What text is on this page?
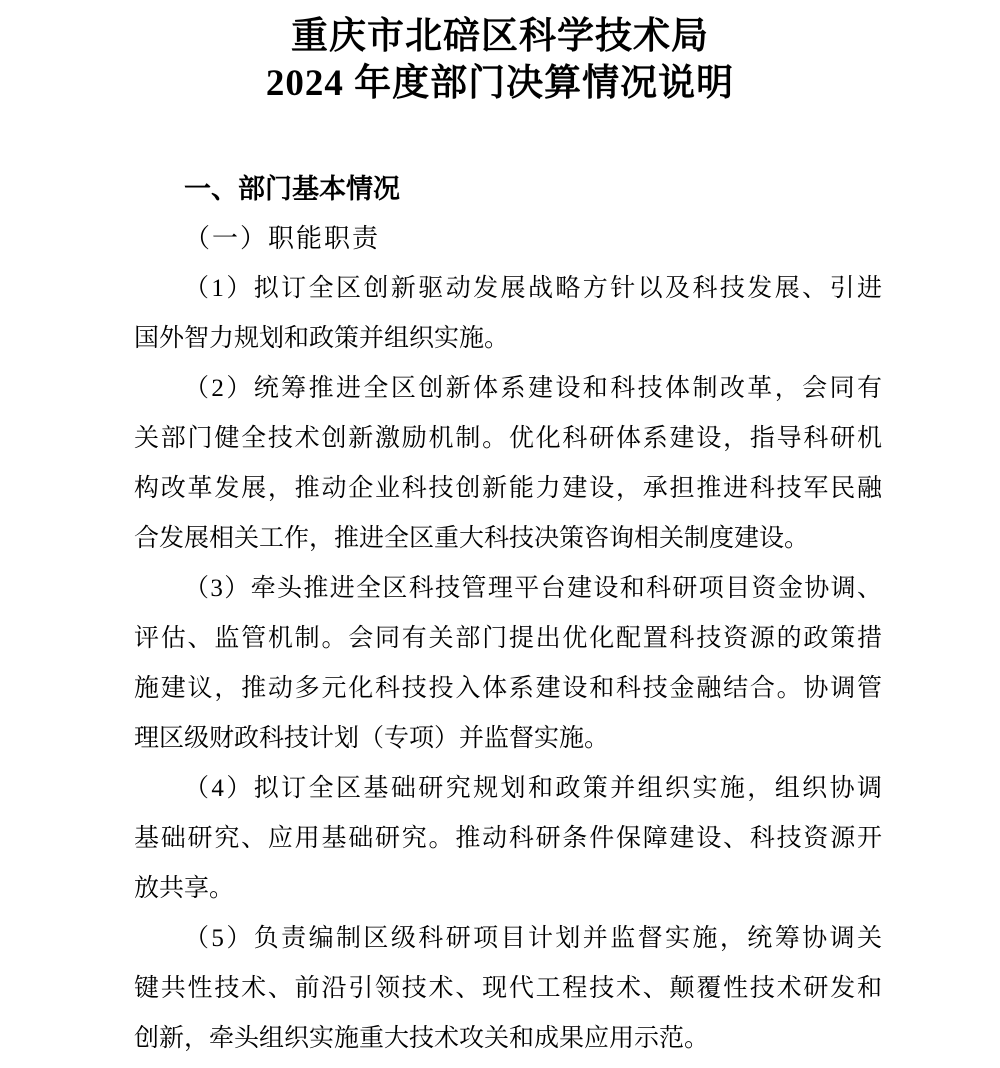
重庆市北碚区科学技术局
2024 年度部门决算情况说明
一、部门基本情况
（一）职能职责
（1）拟订全区创新驱动发展战略方针以及科技发展、引进
国外智力规划和政策并组织实施。
（2）统筹推进全区创新体系建设和科技体制改革，会同有
关部门健全技术创新激励机制。优化科研体系建设，指导科研机
构改革发展，推动企业科技创新能力建设，承担推进科技军民融
合发展相关工作，推进全区重大科技决策咨询相关制度建设。
（3）牵头推进全区科技管理平台建设和科研项目资金协调、
评估、监管机制。会同有关部门提出优化配置科技资源的政策措
施建议，推动多元化科技投入体系建设和科技金融结合。协调管
理区级财政科技计划（专项）并监督实施。
（4）拟订全区基础研究规划和政策并组织实施，组织协调
基础研究、应用基础研究。推动科研条件保障建设、科技资源开
放共享。
（5）负责编制区级科研项目计划并监督实施，统筹协调关
键共性技术、前沿引领技术、现代工程技术、颠覆性技术研发和
创新，牵头组织实施重大技术攻关和成果应用示范。
